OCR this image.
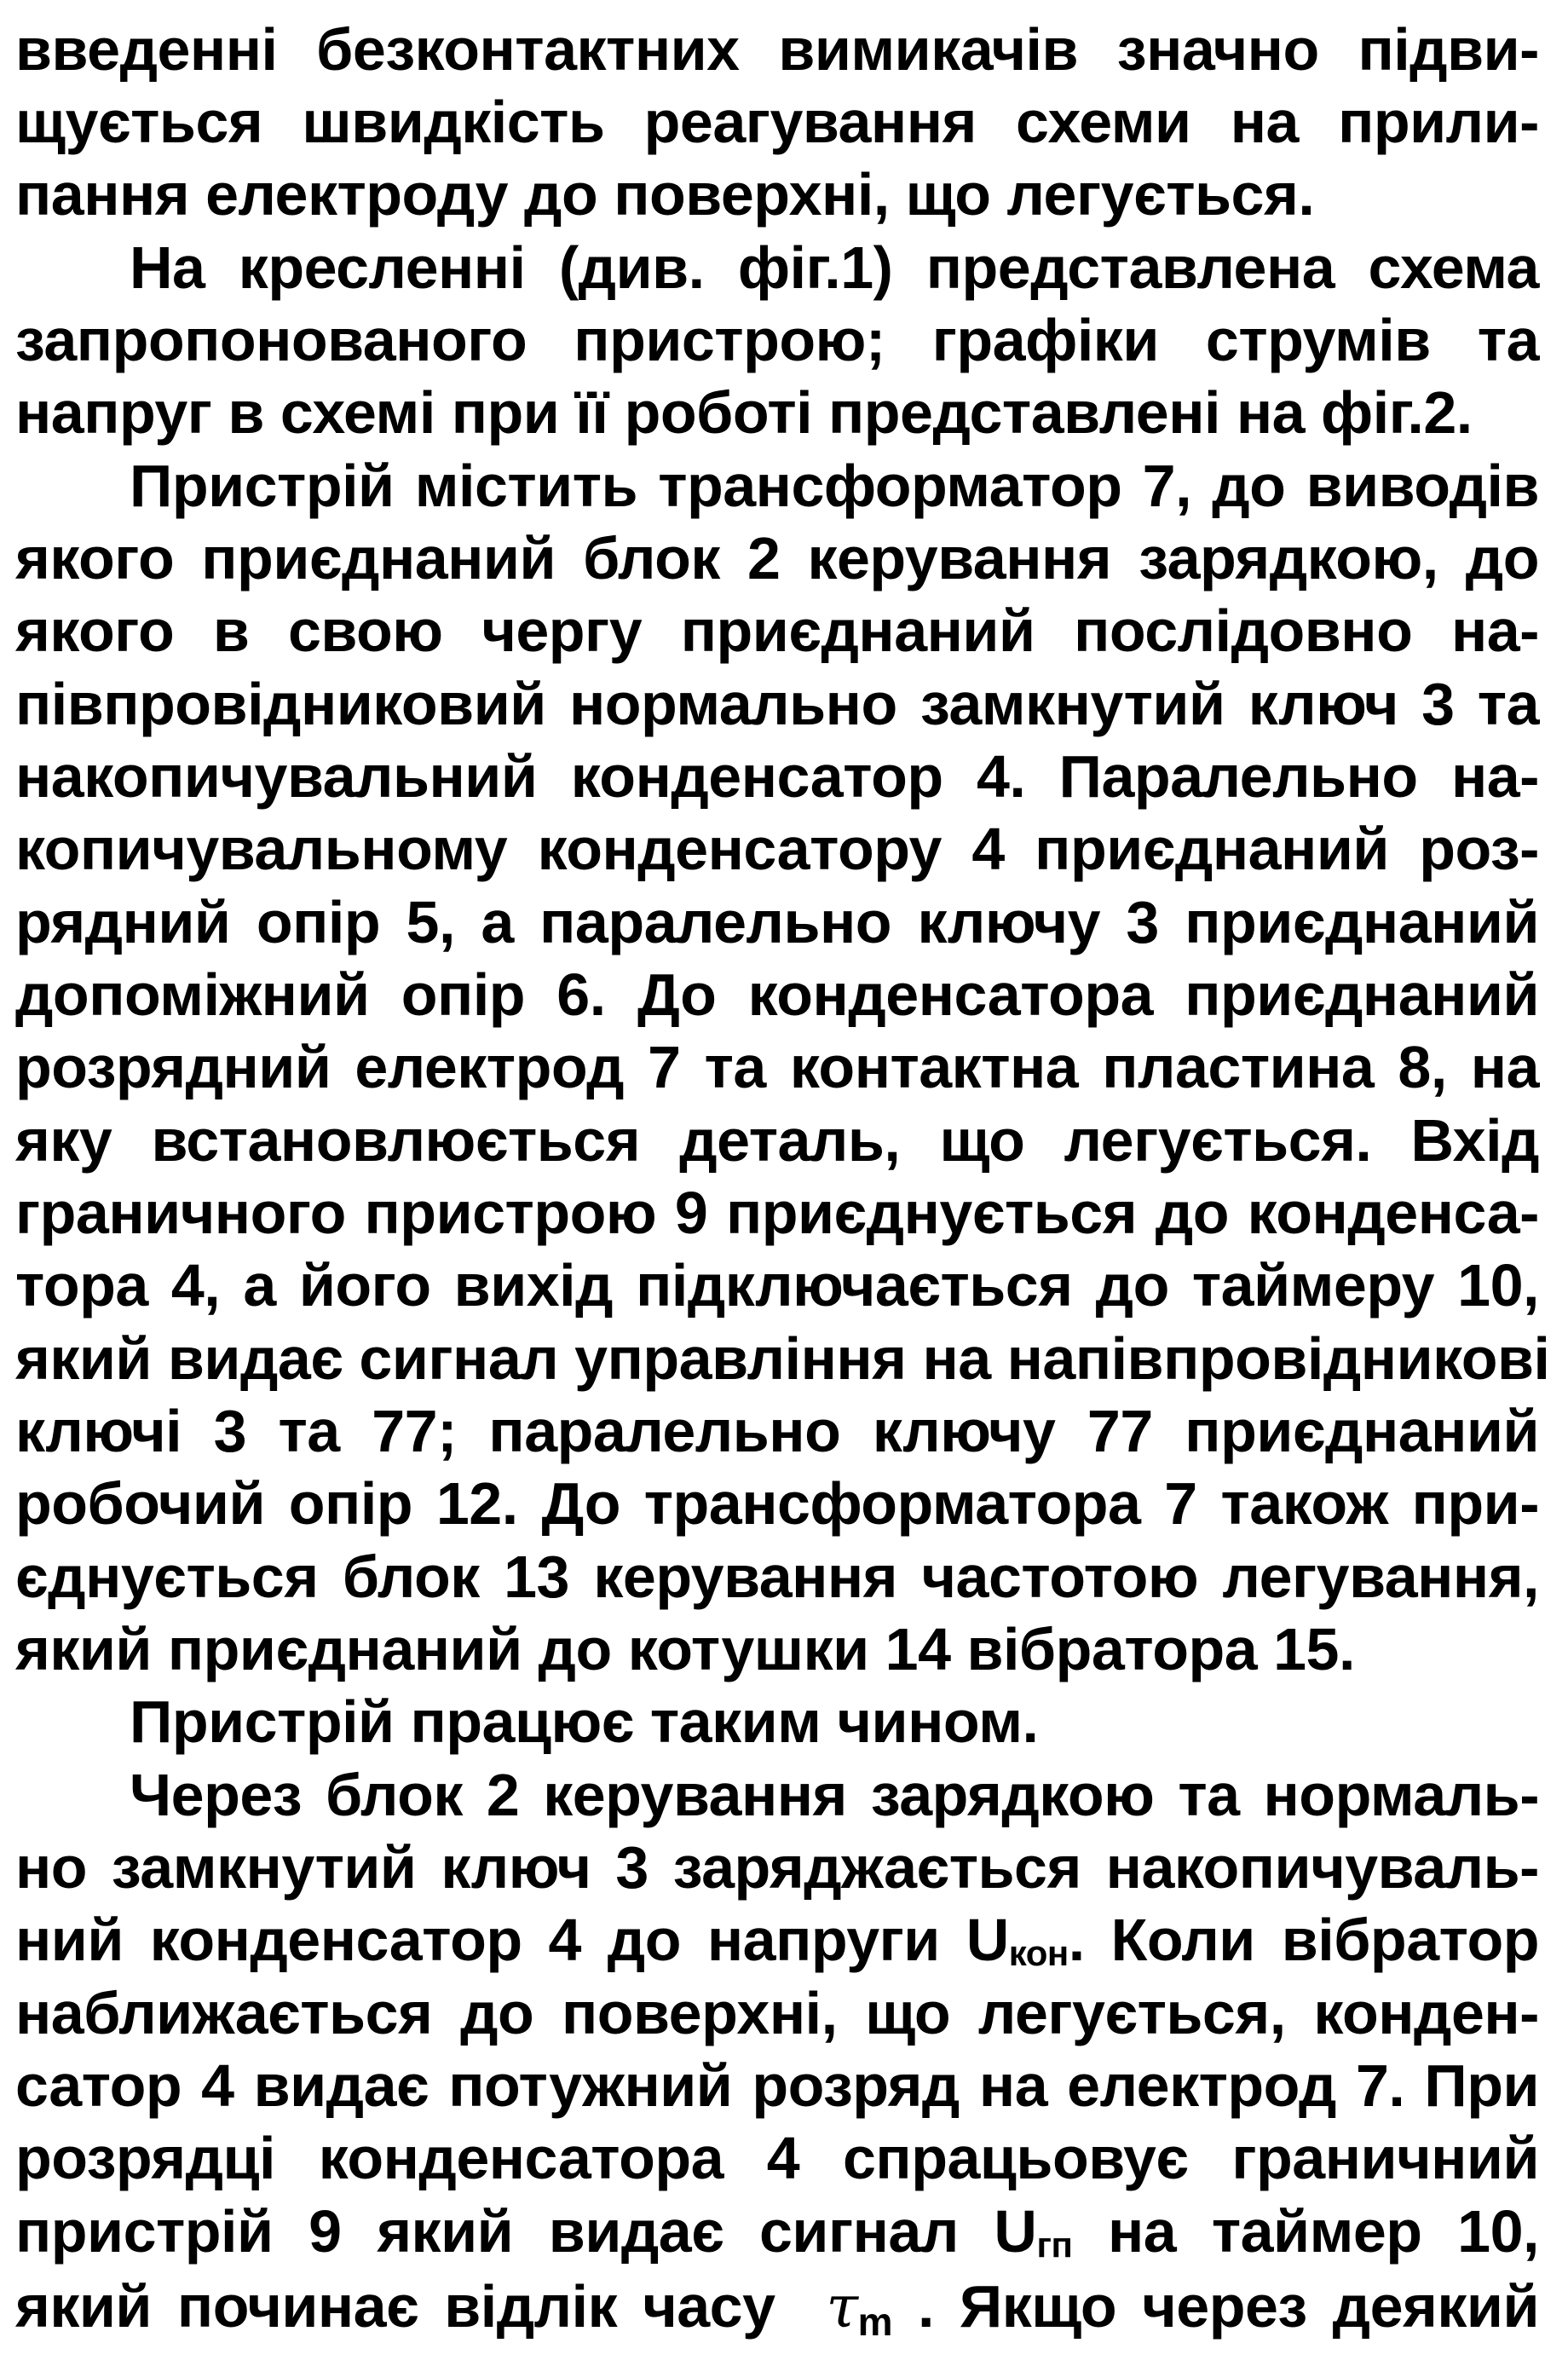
введенні безконтактних вимикачів значно підви-
щується швидкість реагування схеми на прили-
пання електроду до поверхні, що легується.
На кресленні (див. фіг.1) представлена схема
запропонованого пристрою; графіки струмів та
напруг в схемі при її роботі представлені на фіг.2.
Пристрій містить трансформатор 7, до виводів
якого приєднаний блок 2 керування зарядкою, до
якого в свою чергу приєднаний послідовно на-
півпровідниковий нормально замкнутий ключ 3 та
накопичувальний конденсатор 4. Паралельно на-
копичувальному конденсатору 4 приєднаний роз-
рядний опір 5, а паралельно ключу 3 приєднаний
допоміжний опір 6. До конденсатора приєднаний
розрядний електрод 7 та контактна пластина 8, на
яку встановлюється деталь, що легується. Вхід
граничного пристрою 9 приєднується до конденса-
тора 4, а його вихід підключається до таймеру 10,
який видає сигнал управління на напівпровідникові
ключі 3 та 77; паралельно ключу 77 приєднаний
робочий опір 12. До трансформатора 7 також при-
єднується блок 13 керування частотою легування,
який приєднаний до котушки 14 вібратора 15.
Пристрій працює таким чином.
Через блок 2 керування зарядкою та нормаль-
но замкнутий ключ 3 заряджається накопичуваль-
ний конденсатор 4 до напруги Uкон. Коли вібратор
наближається до поверхні, що легується, конден-
сатор 4 видає потужний розряд на електрод 7. При
розрядці конденсатора 4 спрацьовує граничний
пристрій 9 який видає сигнал Uгп на таймер 10,
який починає відлік часу $\tau_m$ . Якщо через деякий
